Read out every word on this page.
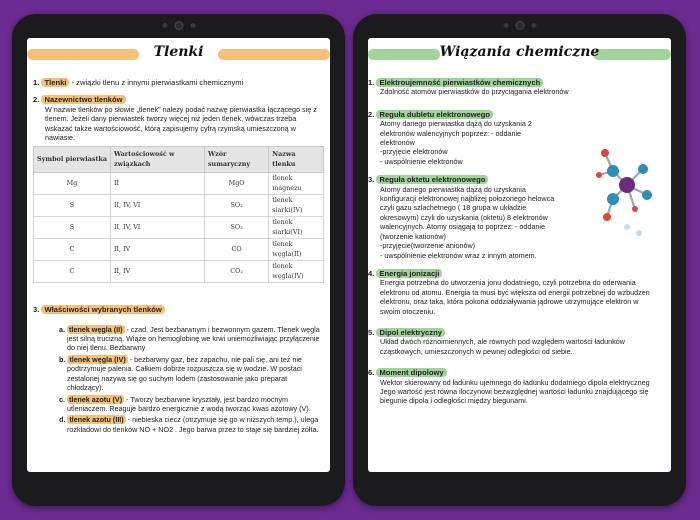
Tlenki
1. Tlenki - związki tlenu z innymi pierwiastkami chemicznymi
2. Nazewnictwo tlenków
W nazwie tlenków po słowie „tlenek" należy podać nazwę pierwiastka łączącego się z tlenem. Jeżeli dany pierwiastek tworzy więcej niż jeden tlenek, wówczas trzeba wskazać także wartościowość, którą zapisujemy cyfrą rzymską umieszczoną w nawiasie.
Symbol pierwiastka	Wartościowość w związkach	Wzór sumaryczny	Nazwa tlenku
Mg	II	MgO	tlenek magnezu
S	II, IV, VI	SO₂	tlenek siarki(IV)
S	II, IV, VI	SO₃	tlenek siarki(VI)
C	II, IV	CO	tlenek węgla(II)
C	II, IV	CO₂	tlenek węgla(IV)
3. Właściwości wybranych tlenków
a. tlenek węgla (II) - czad. Jest bezbarwnym i bezwonnym gazem. Tlenek węgla jest silną trucizną. Wiąże on hemoglobinę we krwi uniemożliwiając przyłączenie do niej tlenu. Bezbarwny
b. tlenek węgla (IV) - bezbarwny gaz, bez zapachu, nie pali się, ani też nie podtrzymuje palenia. Całkiem dobrze rozpuszcza się w wodzie. W postaci zestalonej nazywa się go suchym lodem (zastosowanie jako preparat chłodzący).
c. tlenek azotu (V) - Tworzy bezbarwne kryształy, jest bardzo mocnym utleniaczem. Reaguje bardzo energicznie z wodą tworząc kwas azotowy (V).
d. tlenek azotu (III) - niebieska ciecz (otrzymuje się go w niższych temp.), ulega rozkładowi do tlenków NO + NO2 . Jego barwa przez to staje się bardziej żółta.
Wiązania chemiczne
1. Elektroujemność pierwiastków chemicznych
Zdolność atomów pierwiastków do przyciągania elektronów
2. Reguła dubletu elektronowego
Atomy danego pierwiastka dążą do uzyskania 2
elektronów walencyjnych poprzez: - oddanie
elektronów
-przyjęcie elektronów
- uwspólnienie elektronów
3. Reguła oktetu elektronowego
Atomy danego pierwiastka dążą do uzyskania
konfiguracji elektronowej najbliżej położonego helowca
czyli gazu szlachetnego ( 18 grupa w układzie
okresowym) czyli do uzyskania (oktetu) 8 elektronów
walencyjnych. Atomy osiągają to poprzez: - oddanie
(tworzenie kationów)
-przyjęcie(tworzenie anionów)
- uwspólnienie elektronów wraz z innym atomem.
4. Energia jonizacji
Energia potrzebna do utworzenia jonu dodatniego, czyli potrzebna do oderwania
elektronu od atomu. Energia ta musi być większa od energii potrzebnej do wzbudzen
elektronu, oraz taka, która pokona oddziaływania jądrowe utrzymujące elektron w
swoim otoczeniu.
5. Dipol elektryczny
Układ dwóch różnoimiennych, ale równych pod względem wartości ładunków
cząstkowych, umieszczonych w pewnej odległości od siebie.
6. Moment dipolowy
Wektor skierowany od ładunku ujemnego do ładunku dodatniego dipola elektryczneg
Jego wartość jest równa iloczynowi bezwzględnej wartości ładunku znajdującego się
biegunie dipola i odległości między biegunami.
